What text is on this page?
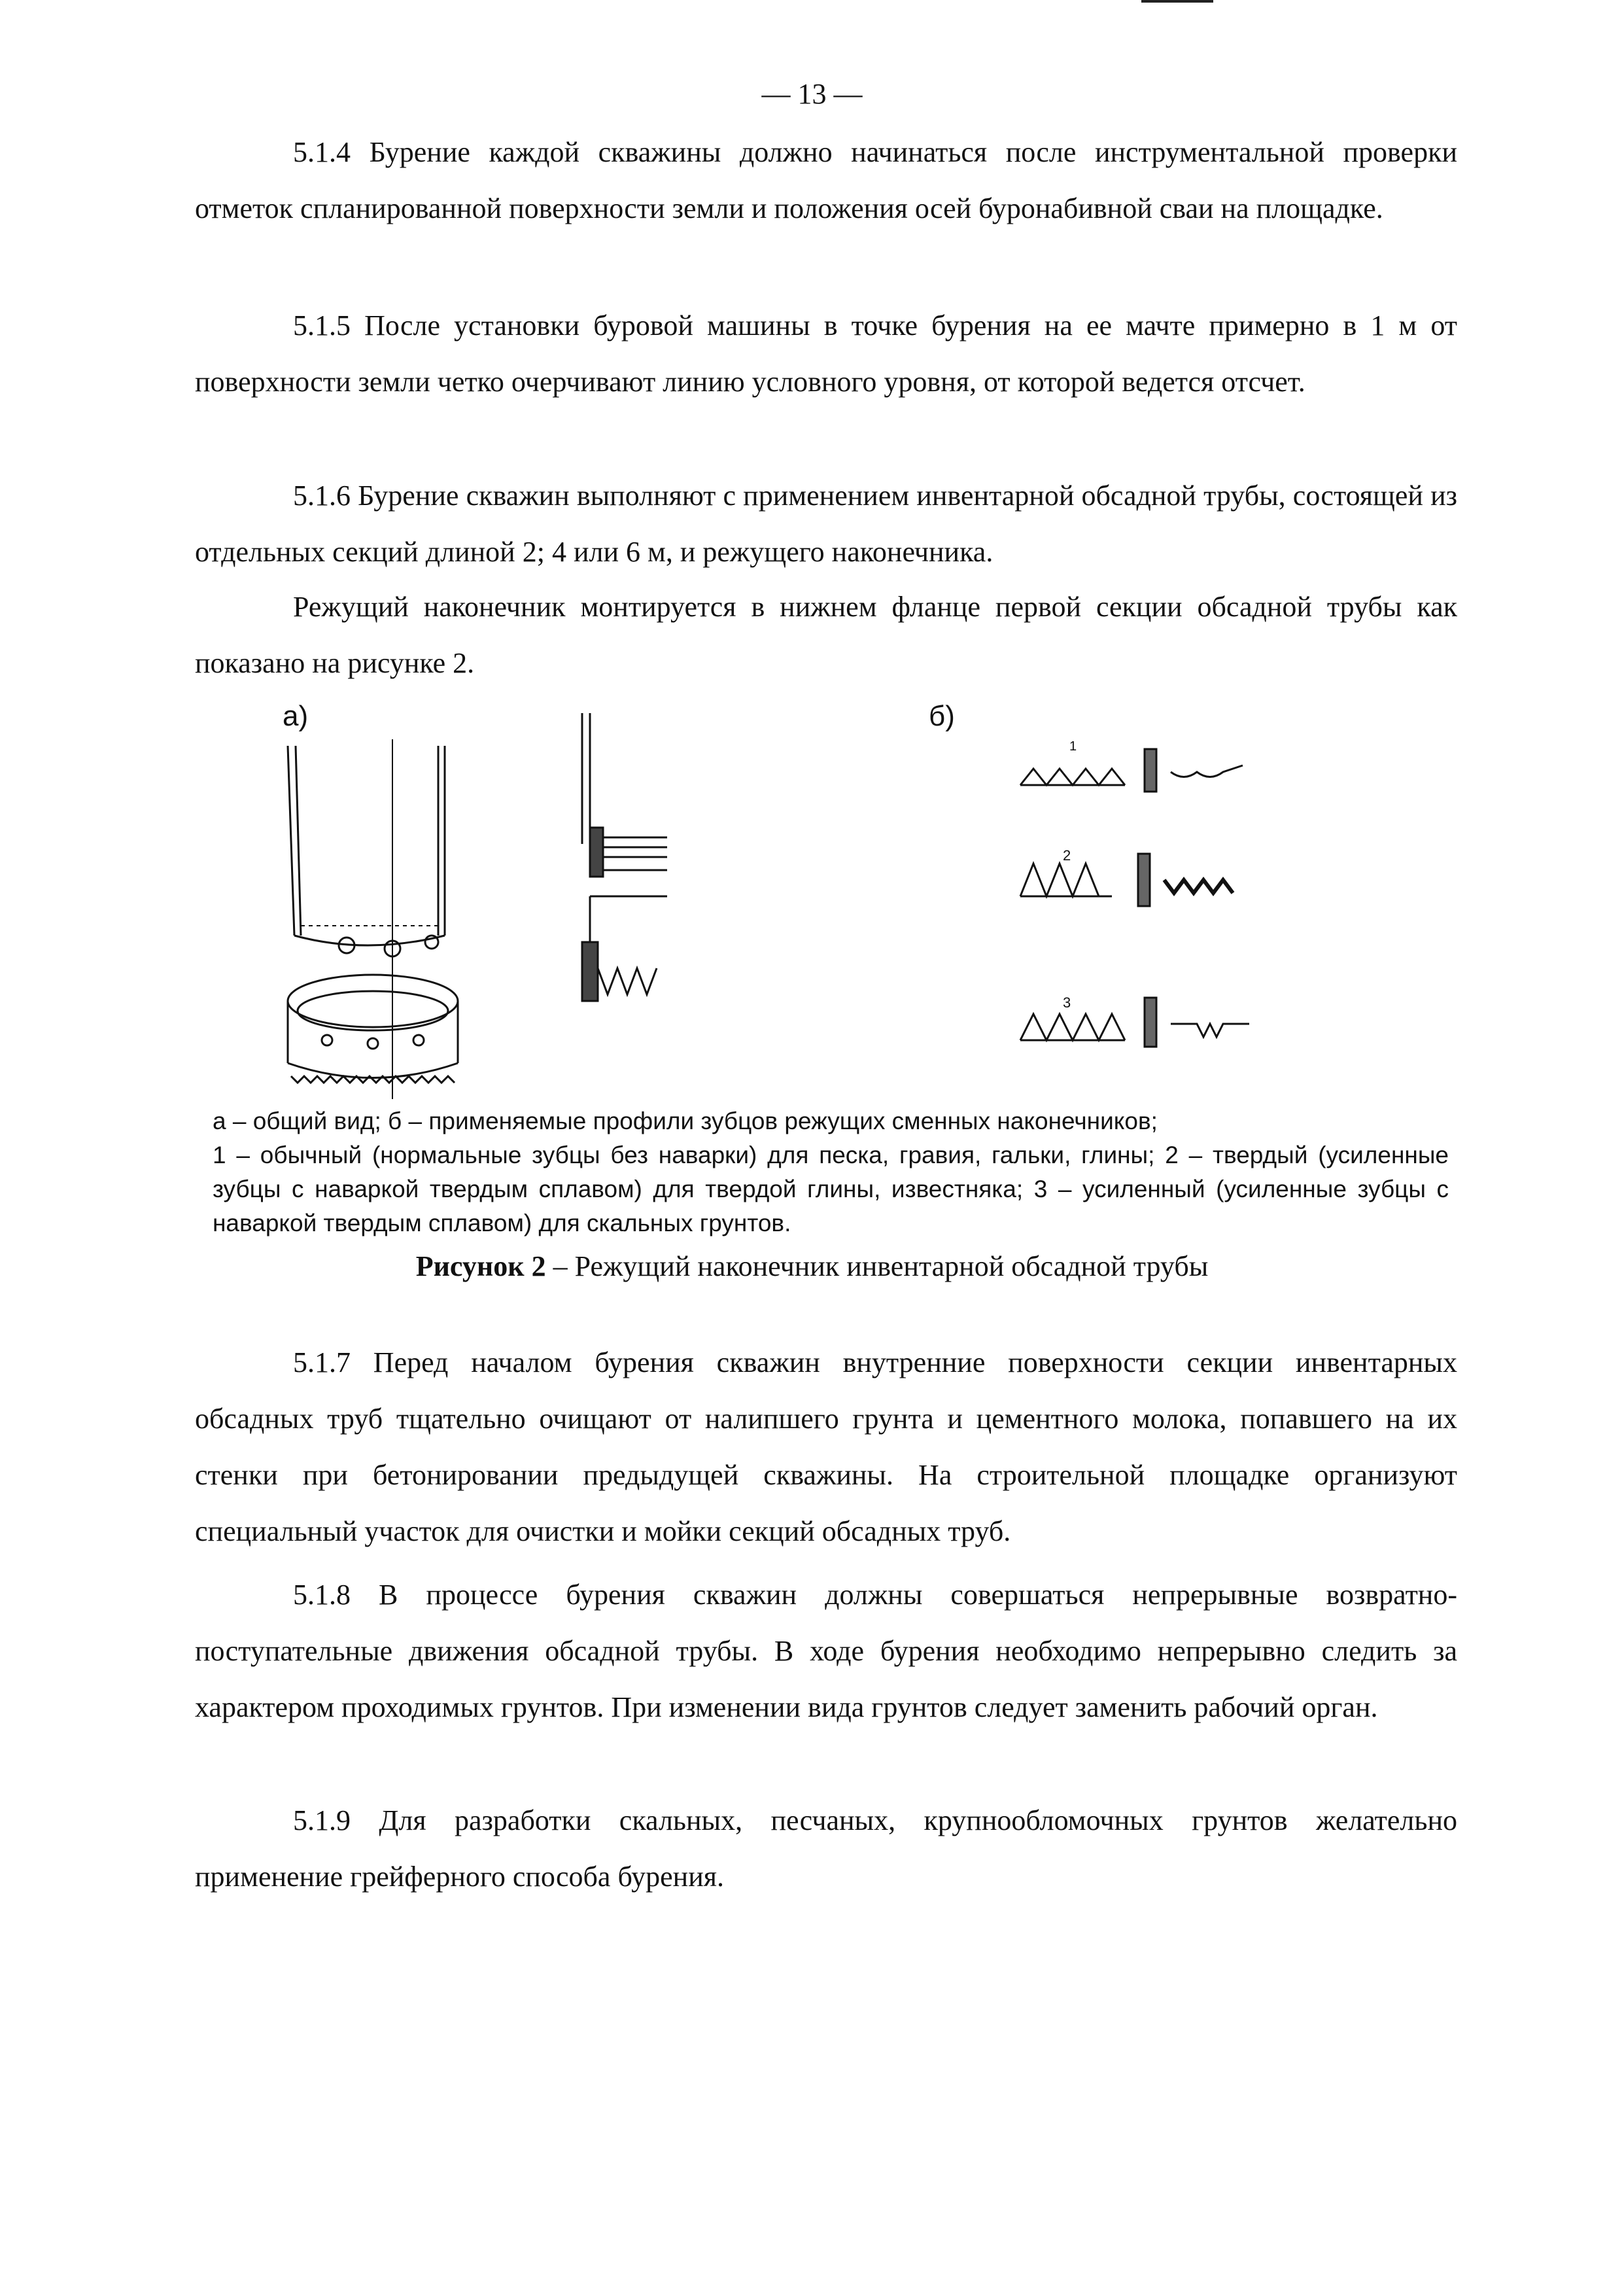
— 13 —

5.1.4 Бурение каждой скважины должно начинаться после инструментальной проверки отметок спланированной поверхности земли и положения осей буронабивной сваи на площадке.

5.1.5 После установки буровой машины в точке бурения на ее мачте примерно в 1 м от поверхности земли четко очерчивают линию условного уровня, от которой ведется отсчет.

5.1.6 Бурение скважин выполняют с применением инвентарной обсадной трубы, состоящей из отдельных секций длиной 2; 4 или 6 м, и режущего наконечника.

Режущий наконечник монтируется в нижнем фланце первой секции обсадной трубы как показано на рисунке 2.

а)	б)
1
2
3

а – общий вид; б – применяемые профили зубцов режущих сменных наконечников;
1 – обычный (нормальные зубцы без наварки) для песка, гравия, гальки, глины; 2 – твердый (усиленные зубцы с наваркой твердым сплавом) для твердой глины, известняка; 3 – усиленный (усиленные зубцы с наваркой твердым сплавом) для скальных грунтов.

Рисунок 2 – Режущий наконечник инвентарной обсадной трубы

5.1.7 Перед началом бурения скважин внутренние поверхности секции инвентарных обсадных труб тщательно очищают от налипшего грунта и цементного молока, попавшего на их стенки при бетонировании предыдущей скважины. На строительной площадке организуют специальный участок для очистки и мойки секций обсадных труб.

5.1.8 В процессе бурения скважин должны совершаться непрерывные возвратно-поступательные движения обсадной трубы. В ходе бурения необходимо непрерывно следить за характером проходимых грунтов. При изменении вида грунтов следует заменить рабочий орган.

5.1.9 Для разработки скальных, песчаных, крупнообломочных грунтов желательно применение грейферного способа бурения.
